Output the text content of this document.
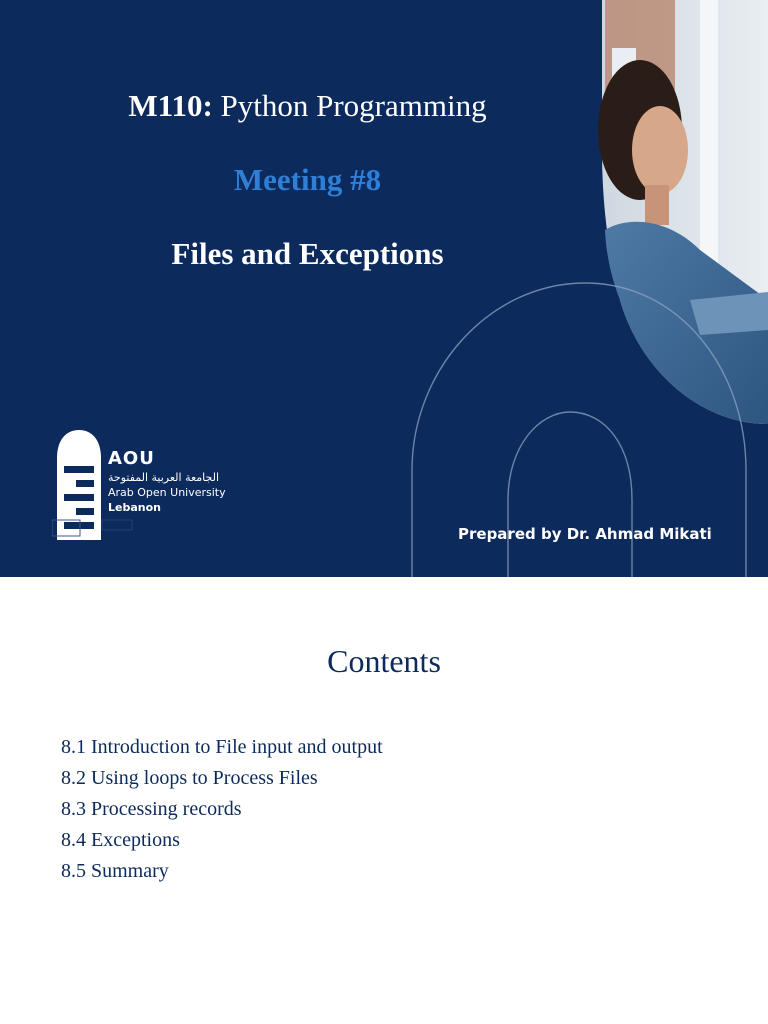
M110: Python Programming
Meeting #8
Files and Exceptions
AOU
الجامعة العربية المفتوحة
Arab Open University
Lebanon

Prepared by Dr. Ahmad Mikati

Contents
8.1 Introduction to File input and output
8.2 Using loops to Process Files
8.3 Processing records
8.4 Exceptions
8.5 Summary
